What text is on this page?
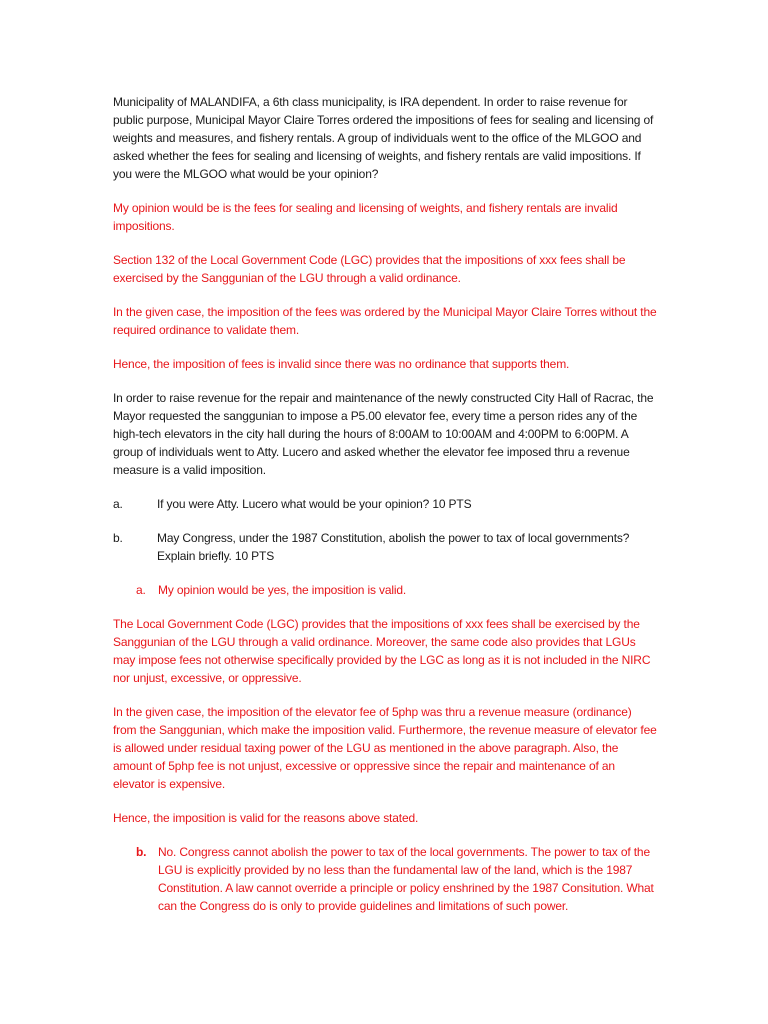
Municipality of MALANDIFA, a 6th class municipality, is IRA dependent. In order to raise revenue for public purpose, Municipal Mayor Claire Torres ordered the impositions of fees for sealing and licensing of weights and measures, and fishery rentals. A group of individuals went to the office of the MLGOO and asked whether the fees for sealing and licensing of weights, and fishery rentals are valid impositions. If you were the MLGOO what would be your opinion?

My opinion would be is the fees for sealing and licensing of weights, and fishery rentals are invalid impositions.

Section 132 of the Local Government Code (LGC) provides that the impositions of xxx fees shall be exercised by the Sanggunian of the LGU through a valid ordinance.

In the given case, the imposition of the fees was ordered by the Municipal Mayor Claire Torres without the required ordinance to validate them.

Hence, the imposition of fees is invalid since there was no ordinance that supports them.

In order to raise revenue for the repair and maintenance of the newly constructed City Hall of Racrac, the Mayor requested the sanggunian to impose a P5.00 elevator fee, every time a person rides any of the high-tech elevators in the city hall during the hours of 8:00AM to 10:00AM and 4:00PM to 6:00PM. A group of individuals went to Atty. Lucero and asked whether the elevator fee imposed thru a revenue measure is a valid imposition.

a.	If you were Atty. Lucero what would be your opinion? 10 PTS
b.	May Congress, under the 1987 Constitution, abolish the power to tax of local governments? Explain briefly. 10 PTS
a.	My opinion would be yes, the imposition is valid.

The Local Government Code (LGC) provides that the impositions of xxx fees shall be exercised by the Sanggunian of the LGU through a valid ordinance. Moreover, the same code also provides that LGUs may impose fees not otherwise specifically provided by the LGC as long as it is not included in the NIRC nor unjust, excessive, or oppressive.

In the given case, the imposition of the elevator fee of 5php was thru a revenue measure (ordinance) from the Sanggunian, which make the imposition valid. Furthermore, the revenue measure of elevator fee is allowed under residual taxing power of the LGU as mentioned in the above paragraph. Also, the amount of 5php fee is not unjust, excessive or oppressive since the repair and maintenance of an elevator is expensive.

Hence, the imposition is valid for the reasons above stated.

b. No. Congress cannot abolish the power to tax of the local governments. The power to tax of the LGU is explicitly provided by no less than the fundamental law of the land, which is the 1987 Constitution. A law cannot override a principle or policy enshrined by the 1987 Consitution. What can the Congress do is only to provide guidelines and limitations of such power.
